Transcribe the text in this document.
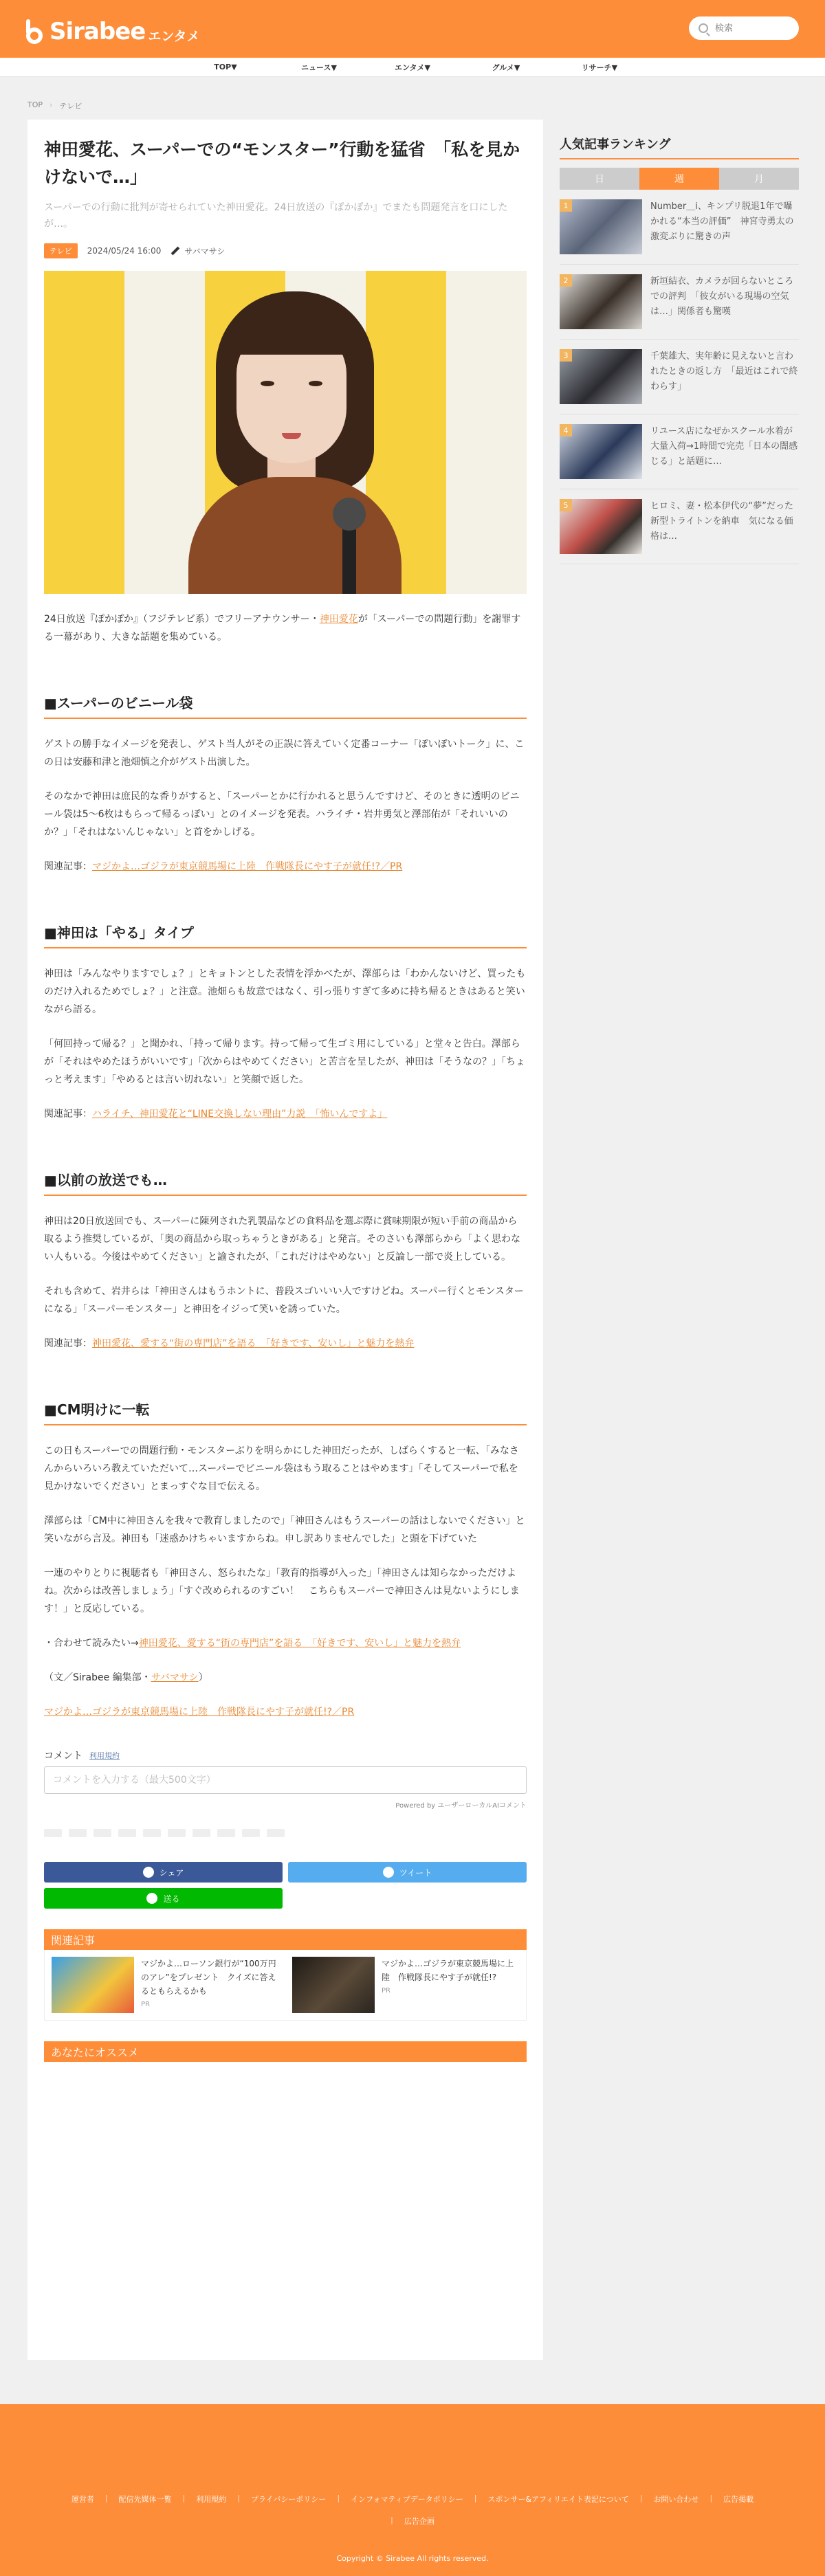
Sirabee エンタメ
検索
TOP▼	ニュース▼	エンタメ▼	グルメ▼	リサーチ▼
TOP › テレビ
神田愛花、スーパーでの“モンスター”行動を猛省　「私を見かけないで…」

スーパーでの行動に批判が寄せられていた神田愛花。24日放送の『ぽかぽか』でまたも問題発言を口にしたが…。

テレビ	2024/05/24 16:00	サバマサシ

24日放送『ぽかぽか』（フジテレビ系）でフリーアナウンサー・神田愛花が「スーパーでの問題行動」を謝罪する一幕があり、大きな話題を集めている。

■スーパーのビニール袋

ゲストの勝手なイメージを発表し、ゲスト当人がその正誤に答えていく定番コーナー「ぽいぽいトーク」に、この日は安藤和津と池畑慎之介がゲスト出演した。

そのなかで神田は庶民的な香りがすると、「スーパーとかに行かれると思うんですけど、そのときに透明のビニール袋は5〜6枚はもらって帰るっぽい」とのイメージを発表。ハライチ・岩井勇気と澤部佑が「それいいのか？」「それはないんじゃない」と首をかしげる。

関連記事：マジかよ…ゴジラが東京競馬場に上陸　作戦隊長にやす子が就任!?／PR

■神田は「やる」タイプ

神田は「みんなやりますでしょ？」とキョトンとした表情を浮かべたが、澤部らは「わかんないけど、買ったものだけ入れるためでしょ？」と注意。池畑らも故意ではなく、引っ張りすぎて多めに持ち帰るときはあると笑いながら語る。

「何回持って帰る？」と聞かれ、「持って帰ります。持って帰って生ゴミ用にしている」と堂々と告白。澤部らが「それはやめたほうがいいです」「次からはやめてください」と苦言を呈したが、神田は「そうなの？」「ちょっと考えます」「やめるとは言い切れない」と笑顔で返した。

関連記事：ハライチ、神田愛花と“LINE交換しない理由”力説　「怖いんですよ」

■以前の放送でも…

神田は20日放送回でも、スーパーに陳列された乳製品などの食料品を選ぶ際に賞味期限が短い手前の商品から取るよう推奨しているが、「奥の商品から取っちゃうときがある」と発言。そのさいも澤部らから「よく思わない人もいる。今後はやめてください」と諭されたが、「これだけはやめない」と反論し一部で炎上している。

それも含めて、岩井らは「神田さんはもうホントに、普段スゴいいい人ですけどね。スーパー行くとモンスターになる」「スーパーモンスター」と神田をイジって笑いを誘っていた。

関連記事：神田愛花、愛する“街の専門店”を語る　「好きです、安いし」と魅力を熱弁

■CM明けに一転

この日もスーパーでの問題行動・モンスターぶりを明らかにした神田だったが、しばらくすると一転、「みなさんからいろいろ教えていただいて…スーパーでビニール袋はもう取ることはやめます」「そしてスーパーで私を見かけないでください」とまっすぐな目で伝える。

澤部らは「CM中に神田さんを我々で教育しましたので」「神田さんはもうスーパーの話はしないでください」と笑いながら言及。神田も「迷惑かけちゃいますからね。申し訳ありませんでした」と頭を下げていた

一連のやりとりに視聴者も「神田さん、怒られたな」「教育的指導が入った」「神田さんは知らなかっただけよね。次からは改善しましょう」「すぐ改められるのすごい！　こちらもスーパーで神田さんは見ないようにします！」と反応している。

・合わせて読みたい→神田愛花、愛する“街の専門店”を語る　「好きです、安いし」と魅力を熱弁

（文／Sirabee 編集部・サバマサシ）

マジかよ…ゴジラが東京競馬場に上陸　作戦隊長にやす子が就任!?／PR

コメント 利用規約
コメントを入力する（最大500文字）
Powered by ユーザーローカルAIコメント
シェア	ツイート
送る
関連記事
マジかよ…ローソン銀行が“100万円のアレ”をプレゼント　クイズに答えるともらえるかも
PR
マジかよ…ゴジラが東京競馬場に上陸　作戦隊長にやす子が就任!?
PR
あなたにオススメ
人気記事ランキング
日	週	月
1	Number＿i、キンプリ脱退1年で囁かれる“本当の評価”　神宮寺勇太の激変ぶりに驚きの声
2	新垣結衣、カメラが回らないところでの評判　「彼女がいる現場の空気は…」関係者も驚嘆
3	千葉雄大、実年齢に見えないと言われたときの返し方　「最近はこれで終わらす」
4	リユース店になぜかスクール水着が大量入荷→1時間で完売「日本の闇感じる」と話題に…
5	ヒロミ、妻・松本伊代の“夢”だった新型トライトンを納車　気になる価格は…
運営者 | 配信先媒体一覧 | 利用規約 | プライバシーポリシー | インフォマティブデータポリシー | スポンサー&アフィリエイト表記について | お問い合わせ | 広告掲載
| 広告企画
Copyright © Sirabee All rights reserved.
